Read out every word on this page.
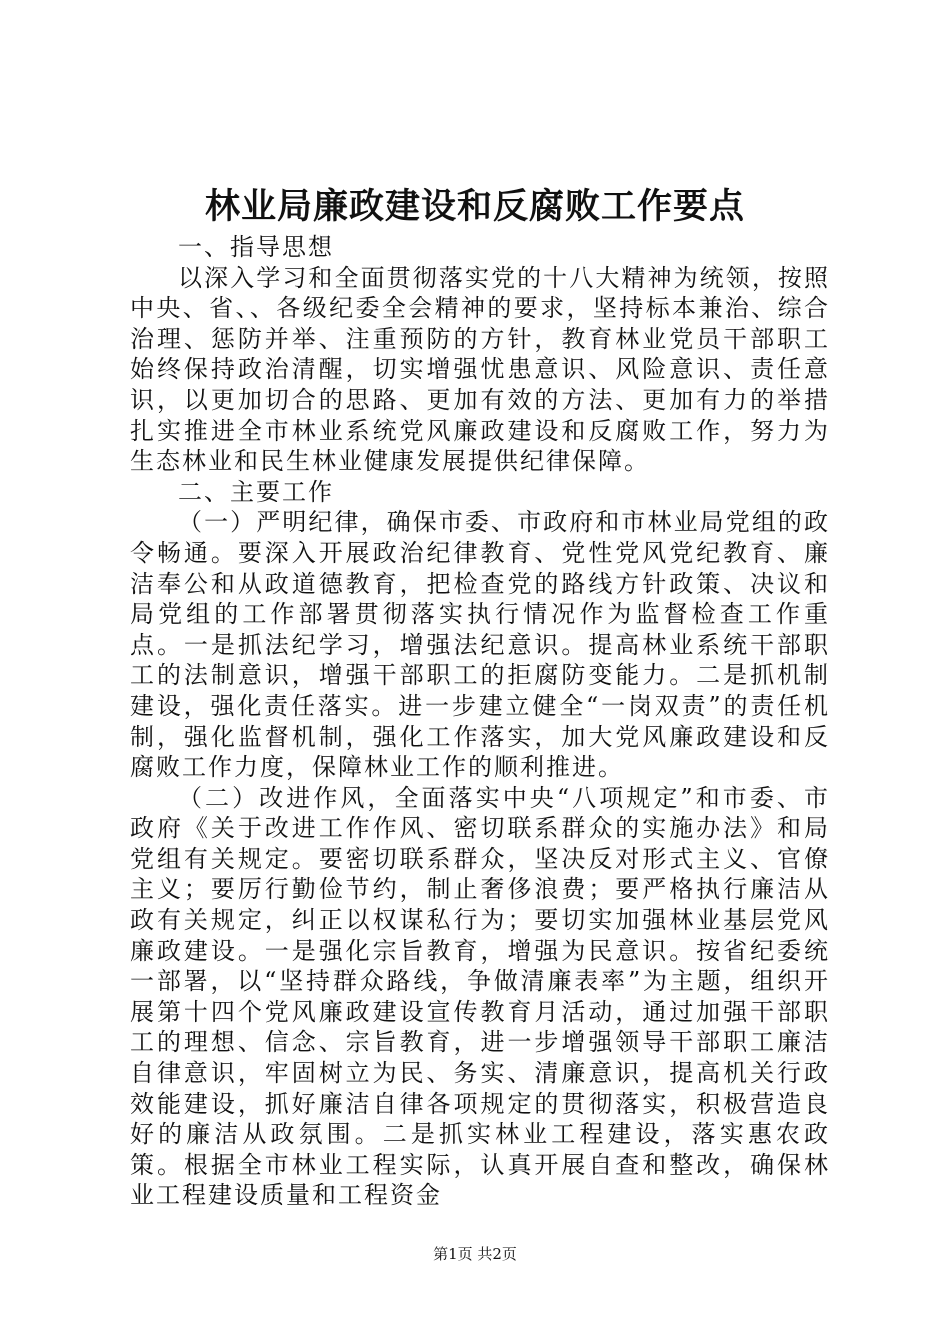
林业局廉政建设和反腐败工作要点

一、指导思想

以深入学习和全面贯彻落实党的十八大精神为统领，按照中央、省、、各级纪委全会精神的要求，坚持标本兼治、综合治理、惩防并举、注重预防的方针，教育林业党员干部职工始终保持政治清醒，切实增强忧患意识、风险意识、责任意识，以更加切合的思路、更加有效的方法、更加有力的举措扎实推进全市林业系统党风廉政建设和反腐败工作，努力为生态林业和民生林业健康发展提供纪律保障。

二、主要工作

（一）严明纪律，确保市委、市政府和市林业局党组的政令畅通。要深入开展政治纪律教育、党性党风党纪教育、廉洁奉公和从政道德教育，把检查党的路线方针政策、决议和局党组的工作部署贯彻落实执行情况作为监督检查工作重点。一是抓法纪学习，增强法纪意识。提高林业系统干部职工的法制意识，增强干部职工的拒腐防变能力。二是抓机制建设，强化责任落实。进一步建立健全“一岗双责”的责任机制，强化监督机制，强化工作落实，加大党风廉政建设和反腐败工作力度，保障林业工作的顺利推进。

（二）改进作风，全面落实中央“八项规定”和市委、市政府《关于改进工作作风、密切联系群众的实施办法》和局党组有关规定。要密切联系群众，坚决反对形式主义、官僚主义；要厉行勤俭节约，制止奢侈浪费；要严格执行廉洁从政有关规定，纠正以权谋私行为；要切实加强林业基层党风廉政建设。一是强化宗旨教育，增强为民意识。按省纪委统一部署，以“坚持群众路线，争做清廉表率”为主题，组织开展第十四个党风廉政建设宣传教育月活动，通过加强干部职工的理想、信念、宗旨教育，进一步增强领导干部职工廉洁自律意识，牢固树立为民、务实、清廉意识，提高机关行政效能建设，抓好廉洁自律各项规定的贯彻落实，积极营造良好的廉洁从政氛围。二是抓实林业工程建设，落实惠农政策。根据全市林业工程实际，认真开展自查和整改，确保林业工程建设质量和工程资金

第1页 共2页
